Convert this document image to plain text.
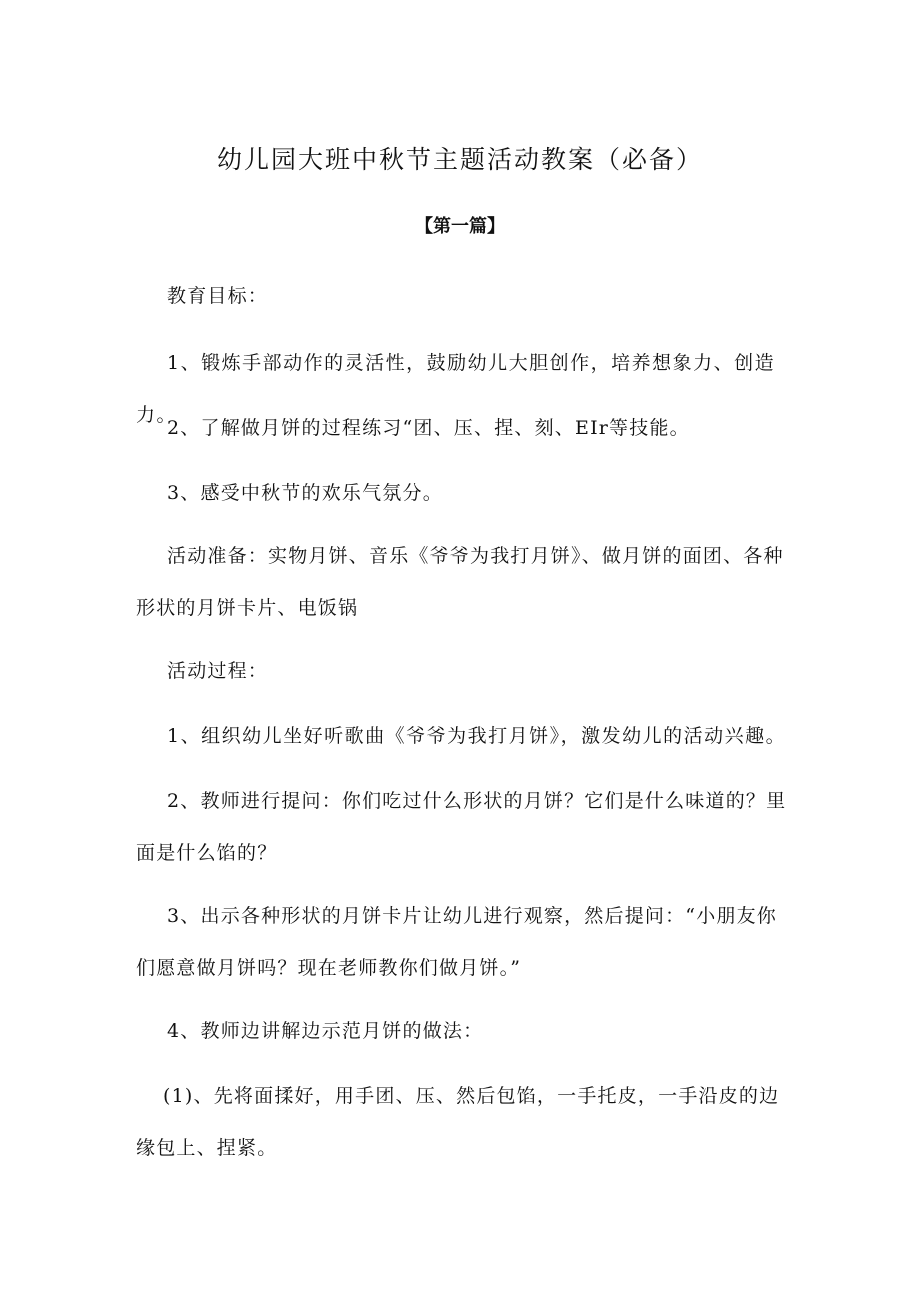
幼儿园大班中秋节主题活动教案（必备）
【第一篇】
教育目标：
1、锻炼手部动作的灵活性，鼓励幼儿大胆创作，培养想象力、创造力。
2、了解做月饼的过程练习“团、压、捏、刻、EIr等技能。
3、感受中秋节的欢乐气氛分。
活动准备：实物月饼、音乐《爷爷为我打月饼》、做月饼的面团、各种形状的月饼卡片、电饭锅
活动过程：
1、组织幼儿坐好听歌曲《爷爷为我打月饼》，激发幼儿的活动兴趣。
2、教师进行提问：你们吃过什么形状的月饼？它们是什么味道的？里面是什么馅的？
3、出示各种形状的月饼卡片让幼儿进行观察，然后提问：“小朋友你们愿意做月饼吗？现在老师教你们做月饼。”
4、教师边讲解边示范月饼的做法：
(1)、先将面揉好，用手团、压、然后包馅，一手托皮，一手沿皮的边缘包上、捏紧。
